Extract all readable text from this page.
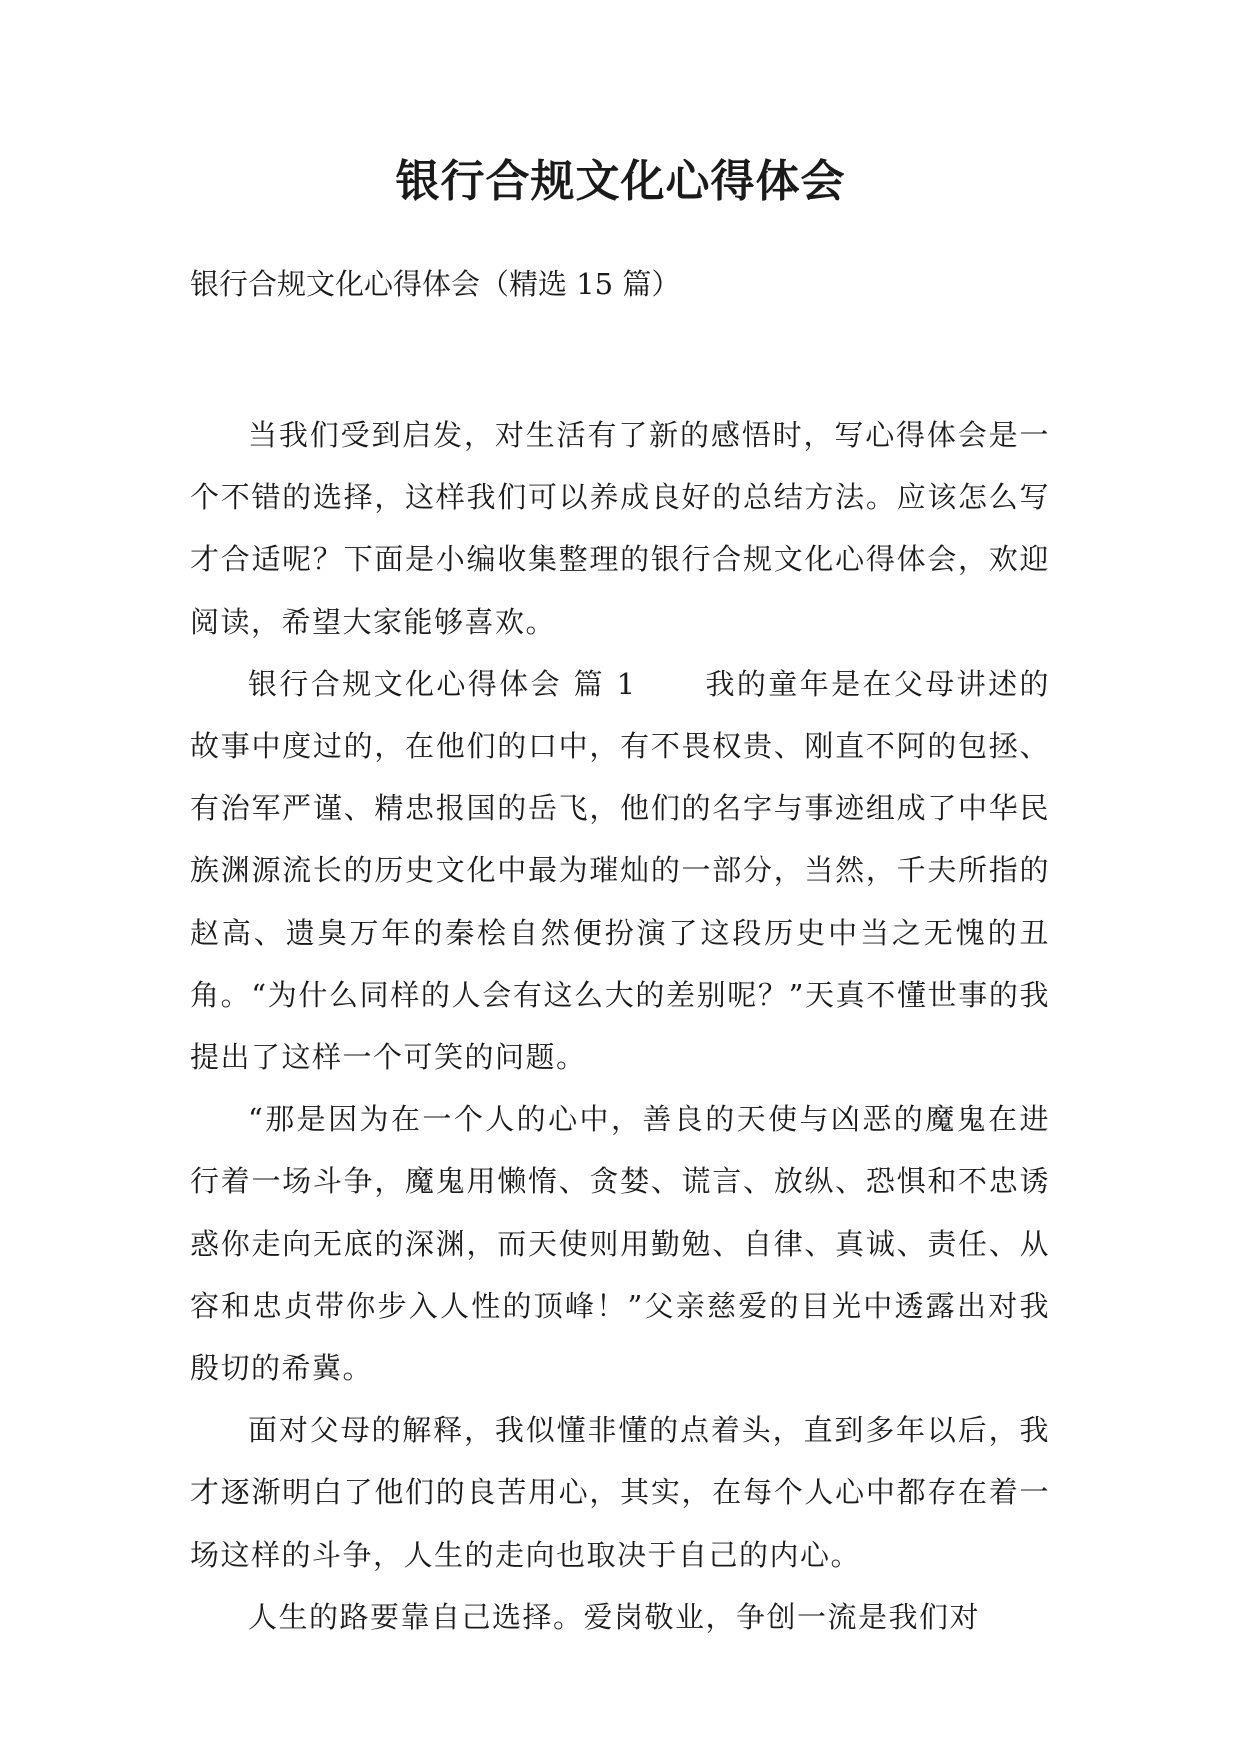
银行合规文化心得体会

银行合规文化心得体会（精选 15 篇）

当我们受到启发，对生活有了新的感悟时，写心得体会是一个不错的选择，这样我们可以养成良好的总结方法。应该怎么写才合适呢？下面是小编收集整理的银行合规文化心得体会，欢迎阅读，希望大家能够喜欢。

银行合规文化心得体会 篇 1 我的童年是在父母讲述的故事中度过的，在他们的口中，有不畏权贵、刚直不阿的包拯、有治军严谨、精忠报国的岳飞，他们的名字与事迹组成了中华民族渊源流长的历史文化中最为璀灿的一部分，当然，千夫所指的赵高、遗臭万年的秦桧自然便扮演了这段历史中当之无愧的丑角。“为什么同样的人会有这么大的差别呢？”天真不懂世事的我提出了这样一个可笑的问题。

“那是因为在一个人的心中，善良的天使与凶恶的魔鬼在进行着一场斗争，魔鬼用懒惰、贪婪、谎言、放纵、恐惧和不忠诱惑你走向无底的深渊，而天使则用勤勉、自律、真诚、责任、从容和忠贞带你步入人性的顶峰！”父亲慈爱的目光中透露出对我殷切的希冀。

面对父母的解释，我似懂非懂的点着头，直到多年以后，我才逐渐明白了他们的良苦用心，其实，在每个人心中都存在着一场这样的斗争，人生的走向也取决于自己的内心。

人生的路要靠自己选择。爱岗敬业，争创一流是我们对
